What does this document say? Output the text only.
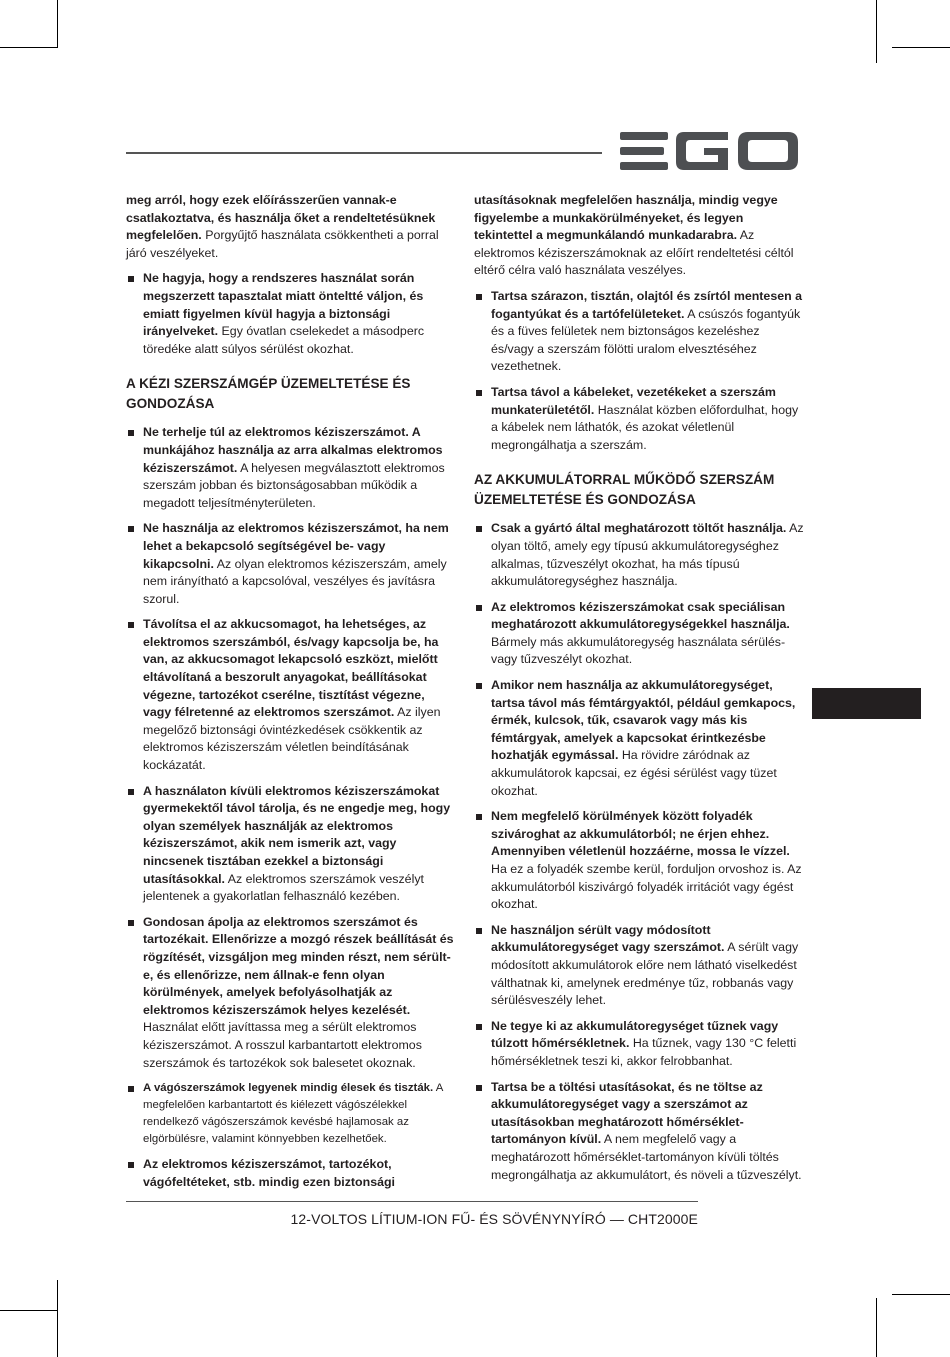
meg arról, hogy ezek előírásszerűen vannak-e csatlakoztatva, és használja őket a rendeltetésüknek megfelelően. Porgyűjtő használata csökkentheti a porral járó veszélyeket.

Ne hagyja, hogy a rendszeres használat során megszerzett tapasztalat miatt önteltté váljon, és emiatt figyelmen kívül hagyja a biztonsági irányelveket. Egy óvatlan cselekedet a másodperc töredéke alatt súlyos sérülést okozhat.
A KÉZI SZERSZÁMGÉP ÜZEMELTETÉSE ÉS GONDOZÁSA
Ne terhelje túl az elektromos kéziszerszámot. A munkájához használja az arra alkalmas elektromos kéziszerszámot. A helyesen megválasztott elektromos szerszám jobban és biztonságosabban működik a megadott teljesítményterületen.
Ne használja az elektromos kéziszerszámot, ha nem lehet a bekapcsoló segítségével be- vagy kikapcsolni. Az olyan elektromos kéziszerszám, amely nem irányítható a kapcsolóval, veszélyes és javításra szorul.
Távolítsa el az akkucsomagot, ha lehetséges, az elektromos szerszámból, és/vagy kapcsolja be, ha van, az akkucsomagot lekapcsoló eszközt, mielőtt eltávolítaná a beszorult anyagokat, beállításokat végezne, tartozékot cserélne, tisztítást végezne, vagy félretenné az elektromos szerszámot. Az ilyen megelőző biztonsági óvintézkedések csökkentik az elektromos kéziszerszám véletlen beindításának kockázatát.
A használaton kívüli elektromos kéziszerszámokat gyermekektől távol tárolja, és ne engedje meg, hogy olyan személyek használják az elektromos kéziszerszámot, akik nem ismerik azt, vagy nincsenek tisztában ezekkel a biztonsági utasításokkal. Az elektromos szerszámok veszélyt jelentenek a gyakorlatlan felhasználó kezében.
Gondosan ápolja az elektromos szerszámot és tartozékait. Ellenőrizze a mozgó részek beállítását és rögzítését, vizsgáljon meg minden részt, nem sérült-e, és ellenőrizze, nem állnak-e fenn olyan körülmények, amelyek befolyásolhatják az elektromos kéziszerszámok helyes kezelését. Használat előtt javíttassa meg a sérült elektromos kéziszerszámot. A rosszul karbantartott elektromos szerszámok és tartozékok sok balesetet okoznak.
A vágószerszámok legyenek mindig élesek és tiszták. A megfelelően karbantartott és kiélezett vágószélekkel rendelkező vágószerszámok kevésbé hajlamosak az elgörbülésre, valamint könnyebben kezelhetőek.
Az elektromos kéziszerszámot, tartozékot, vágófeltéteket, stb. mindig ezen biztonsági

utasításoknak megfelelően használja, mindig vegye figyelembe a munkakörülményeket, és legyen tekintettel a megmunkálandó munkadarabra. Az elektromos kéziszerszámoknak az előírt rendeltetési céltól eltérő célra való használata veszélyes.

Tartsa szárazon, tisztán, olajtól és zsírtól mentesen a fogantyúkat és a tartófelületeket. A csúszós fogantyúk és a füves felületek nem biztonságos kezeléshez és/vagy a szerszám fölötti uralom elvesztéséhez vezethetnek.
Tartsa távol a kábeleket, vezetékeket a szerszám munkaterületétől. Használat közben előfordulhat, hogy a kábelek nem láthatók, és azokat véletlenül megrongálhatja a szerszám.
AZ AKKUMULÁTORRAL MŰKÖDŐ SZERSZÁM ÜZEMELTETÉSE ÉS GONDOZÁSA
Csak a gyártó által meghatározott töltőt használja. Az olyan töltő, amely egy típusú akkumulátoregységhez alkalmas, tűzveszélyt okozhat, ha más típusú akkumulátoregységhez használja.
Az elektromos kéziszerszámokat csak speciálisan meghatározott akkumulátoregységekkel használja. Bármely más akkumulátoregység használata sérülés-vagy tűzveszélyt okozhat.
Amikor nem használja az akkumulátoregységet, tartsa távol más fémtárgyaktól, például gemkapocs, érmék, kulcsok, tűk, csavarok vagy más kis fémtárgyak, amelyek a kapcsokat érintkezésbe hozhatják egymással. Ha rövidre záródnak az akkumulátorok kapcsai, ez égési sérülést vagy tüzet okozhat.
Nem megfelelő körülmények között folyadék szivároghat az akkumulátorból; ne érjen ehhez. Amennyiben véletlenül hozzáérne, mossa le vízzel. Ha ez a folyadék szembe kerül, forduljon orvoshoz is. Az akkumulátorból kiszivárgó folyadék irritációt vagy égést okozhat.
Ne használjon sérült vagy módosított akkumulátoregységet vagy szerszámot. A sérült vagy módosított akkumulátorok előre nem látható viselkedést válthatnak ki, amelynek eredménye tűz, robbanás vagy sérülésveszély lehet.
Ne tegye ki az akkumulátoregységet tűznek vagy túlzott hőmérsékletnek. Ha tűznek, vagy 130 °C feletti hőmérsékletnek teszi ki, akkor felrobbanhat.
Tartsa be a töltési utasításokat, és ne töltse az akkumulátoregységet vagy a szerszámot az utasításokban meghatározott hőmérséklet-tartományon kívül. A nem megfelelő vagy a meghatározott hőmérséklet-tartományon kívüli töltés megrongálhatja az akkumulátort, és növeli a tűzveszélyt.
12-VOLTOS LÍTIUM-ION FŰ- ÉS SÖVÉNYNYÍRÓ — CHT2000E
